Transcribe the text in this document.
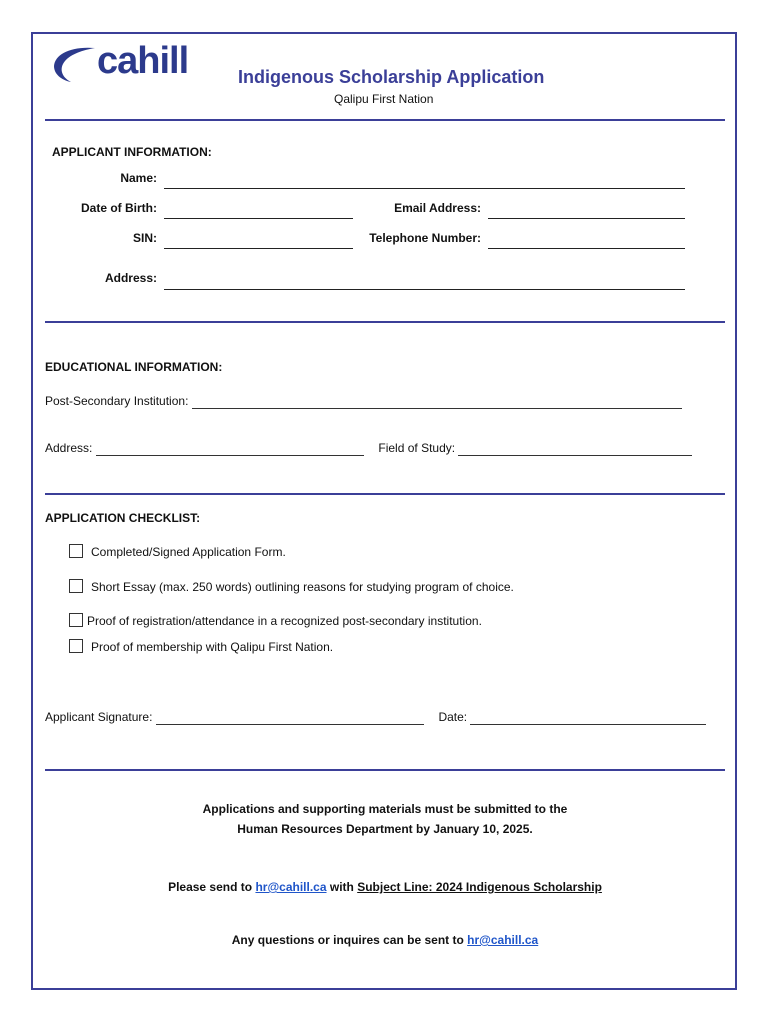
cahill	Indigenous Scholarship Application
Qalipu First Nation
APPLICANT INFORMATION:
Name:
Date of Birth:	Email Address:
SIN:	Telephone Number:
Address:
EDUCATIONAL INFORMATION:
Post-Secondary Institution:
Address:	Field of Study:
APPLICATION CHECKLIST:
Completed/Signed Application Form.
Short Essay (max. 250 words) outlining reasons for studying program of choice.
Proof of registration/attendance in a recognized post-secondary institution.
Proof of membership with Qalipu First Nation.
Applicant Signature:	Date:
Applications and supporting materials must be submitted to the
Human Resources Department by January 10, 2025.
Please send to hr@cahill.ca with Subject Line: 2024 Indigenous Scholarship
Any questions or inquires can be sent to hr@cahill.ca
